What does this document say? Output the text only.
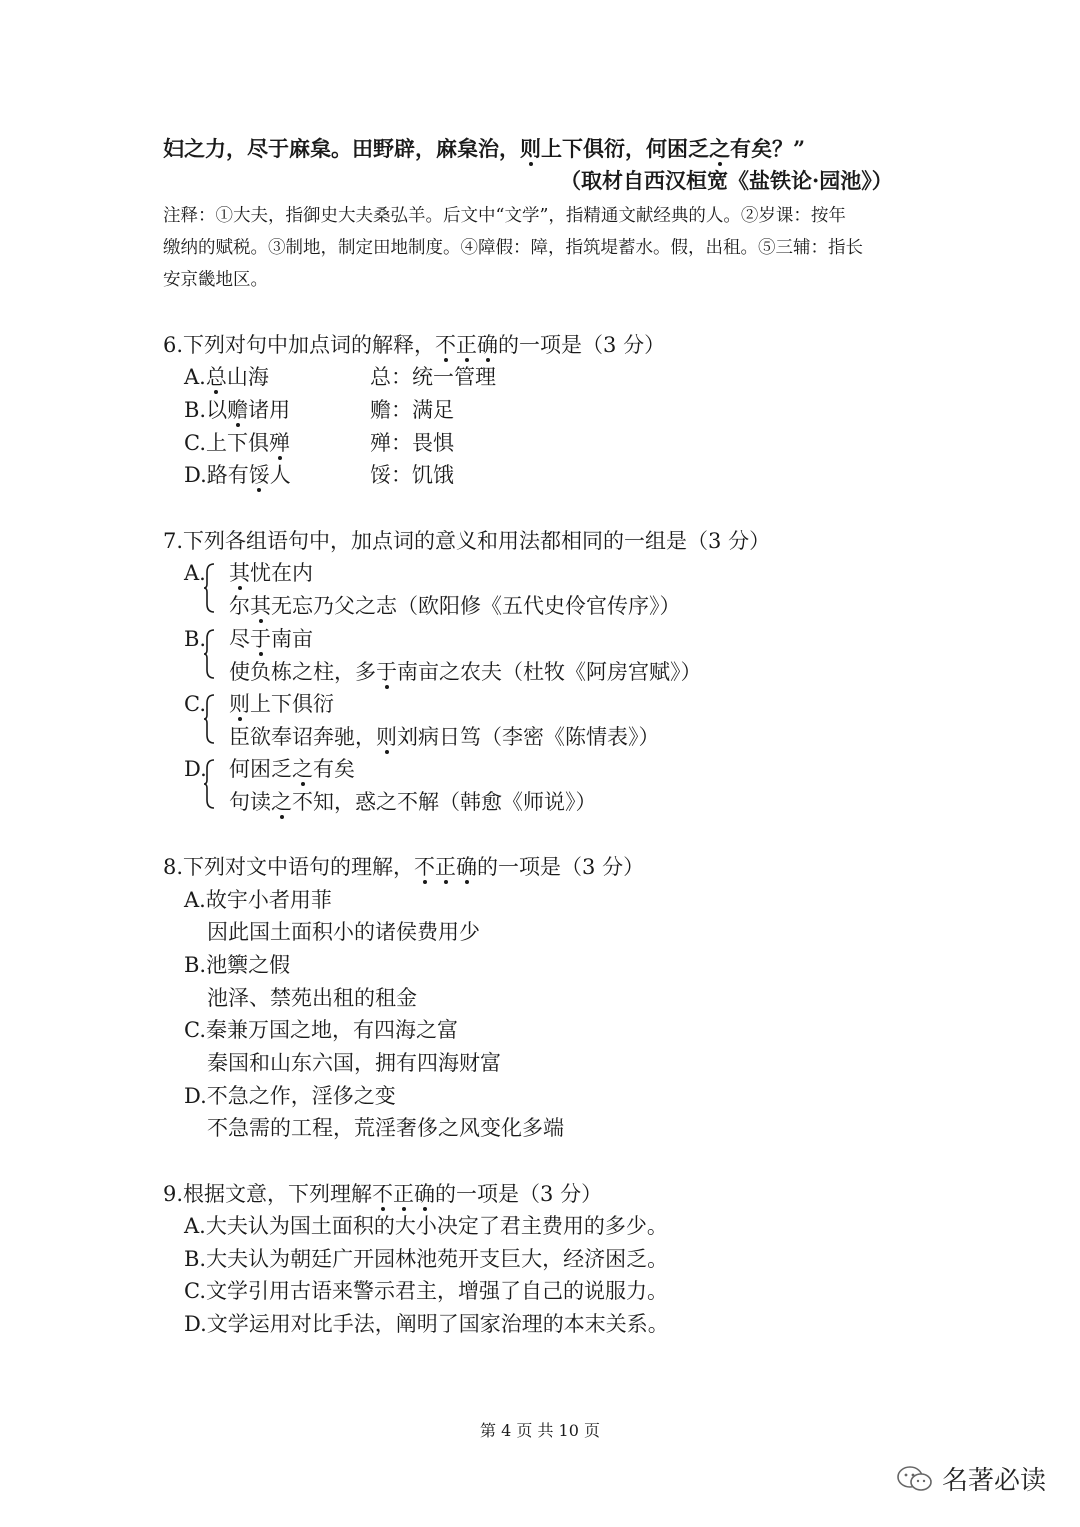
妇之力，尽于麻枲。田野辟，麻枲治，则上下俱衍，何困乏之有矣？”
（取材自西汉桓宽《盐铁论·园池》）
注释：①大夫，指御史大夫桑弘羊。后文中“文学”，指精通文献经典的人。②岁课：按年
缴纳的赋税。③制地，制定田地制度。④障假：障，指筑堤蓄水。假，出租。⑤三辅：指长
安京畿地区。
6.下列对句中加点词的解释，不正确的一项是（3 分）
A.总山海	总：统一管理
B.以赡诸用	赡：满足
C.上下俱殚	殚：畏惧
D.路有馁人	馁：饥饿
7.下列各组语句中，加点词的意义和用法都相同的一组是（3 分）
A. 其忧在内
尔其无忘乃父之志（欧阳修《五代史伶官传序》）
B. 尽于南亩
使负栋之柱，多于南亩之农夫（杜牧《阿房宫赋》）
C. 则上下俱衍
臣欲奉诏奔驰，则刘病日笃（李密《陈情表》）
D. 何困乏之有矣
句读之不知，惑之不解（韩愈《师说》）
8.下列对文中语句的理解，不正确的一项是（3 分）
A.故宇小者用菲
因此国土面积小的诸侯费用少
B.池籞之假
池泽、禁苑出租的租金
C.秦兼万国之地，有四海之富
秦国和山东六国，拥有四海财富
D.不急之作，淫侈之变
不急需的工程，荒淫奢侈之风变化多端
9.根据文意，下列理解不正确的一项是（3 分）
A.大夫认为国土面积的大小决定了君主费用的多少。
B.大夫认为朝廷广开园林池苑开支巨大，经济困乏。
C.文学引用古语来警示君主，增强了自己的说服力。
D.文学运用对比手法，阐明了国家治理的本末关系。
第 4 页 共 10 页
名著必读
